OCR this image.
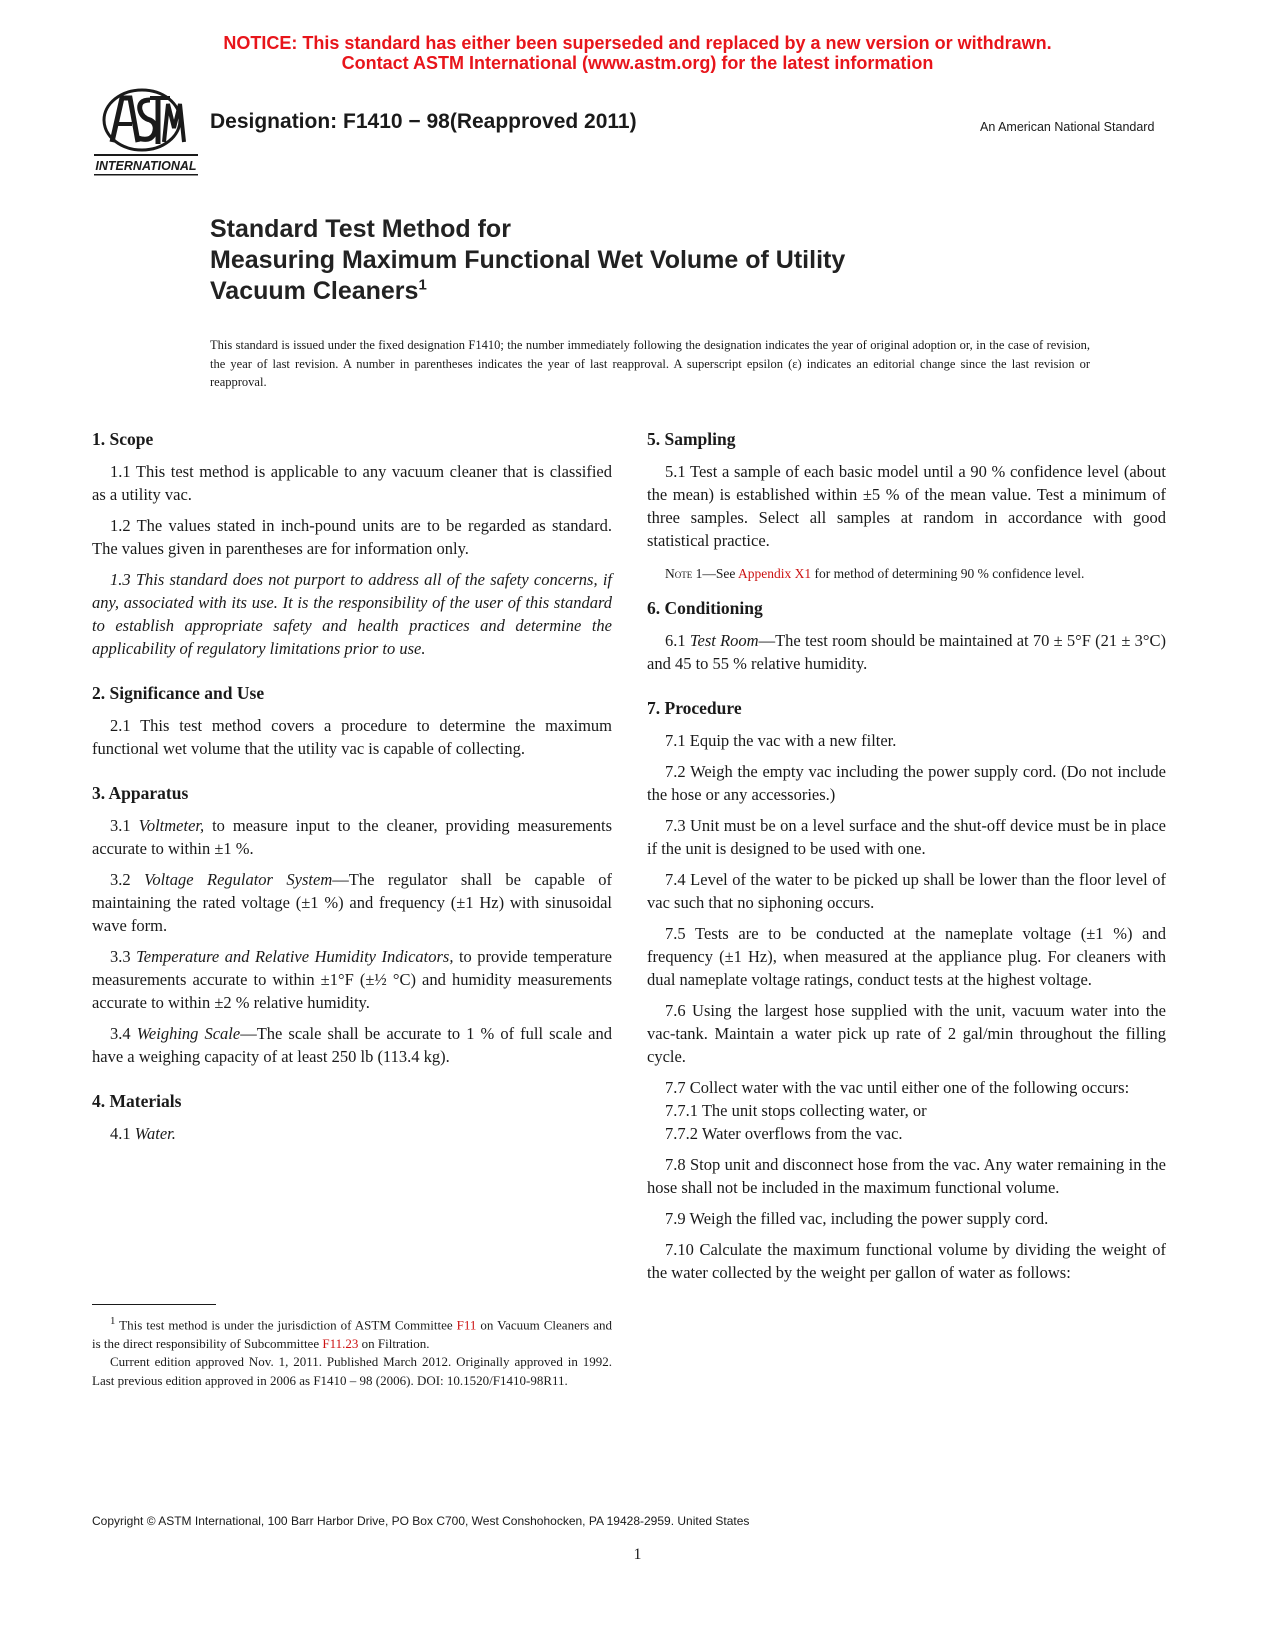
NOTICE: This standard has either been superseded and replaced by a new version or withdrawn.
Contact ASTM International (www.astm.org) for the latest information
INTERNATIONAL
Designation: F1410 − 98(Reapproved 2011)	An American National Standard
Standard Test Method for
Measuring Maximum Functional Wet Volume of Utility
Vacuum Cleaners$^1$
This standard is issued under the fixed designation F1410; the number immediately following the designation indicates the year of original adoption or, in the case of revision, the year of last revision. A number in parentheses indicates the year of last reapproval. A superscript epsilon (ε) indicates an editorial change since the last revision or reapproval.
1. Scope
1.1 This test method is applicable to any vacuum cleaner that is classified as a utility vac.
1.2 The values stated in inch-pound units are to be regarded as standard. The values given in parentheses are for information only.
1.3 This standard does not purport to address all of the safety concerns, if any, associated with its use. It is the responsibility of the user of this standard to establish appropriate safety and health practices and determine the applicability of regulatory limitations prior to use.
2. Significance and Use
2.1 This test method covers a procedure to determine the maximum functional wet volume that the utility vac is capable of collecting.
3. Apparatus
3.1 Voltmeter, to measure input to the cleaner, providing measurements accurate to within ±1 %.
3.2 Voltage Regulator System—The regulator shall be capable of maintaining the rated voltage (±1 %) and frequency (±1 Hz) with sinusoidal wave form.
3.3 Temperature and Relative Humidity Indicators, to provide temperature measurements accurate to within ±1°F (±½ °C) and humidity measurements accurate to within ±2 % relative humidity.
3.4 Weighing Scale—The scale shall be accurate to 1 % of full scale and have a weighing capacity of at least 250 lb (113.4 kg).
4. Materials
4.1 Water.
5. Sampling
5.1 Test a sample of each basic model until a 90 % confidence level (about the mean) is established within ±5 % of the mean value. Test a minimum of three samples. Select all samples at random in accordance with good statistical practice.
Note 1—See Appendix X1 for method of determining 90 % confidence level.
6. Conditioning
6.1 Test Room—The test room should be maintained at 70 ± 5°F (21 ± 3°C) and 45 to 55 % relative humidity.
7. Procedure
7.1 Equip the vac with a new filter.
7.2 Weigh the empty vac including the power supply cord. (Do not include the hose or any accessories.)
7.3 Unit must be on a level surface and the shut-off device must be in place if the unit is designed to be used with one.
7.4 Level of the water to be picked up shall be lower than the floor level of vac such that no siphoning occurs.
7.5 Tests are to be conducted at the nameplate voltage (±1 %) and frequency (±1 Hz), when measured at the appliance plug. For cleaners with dual nameplate voltage ratings, conduct tests at the highest voltage.
7.6 Using the largest hose supplied with the unit, vacuum water into the vac-tank. Maintain a water pick up rate of 2 gal/min throughout the filling cycle.
7.7 Collect water with the vac until either one of the following occurs:
7.7.1 The unit stops collecting water, or
7.7.2 Water overflows from the vac.
7.8 Stop unit and disconnect hose from the vac. Any water remaining in the hose shall not be included in the maximum functional volume.
7.9 Weigh the filled vac, including the power supply cord.
7.10 Calculate the maximum functional volume by dividing the weight of the water collected by the weight per gallon of water as follows:

$^1$ This test method is under the jurisdiction of ASTM Committee F11 on Vacuum Cleaners and is the direct responsibility of Subcommittee F11.23 on Filtration.

Current edition approved Nov. 1, 2011. Published March 2012. Originally approved in 1992. Last previous edition approved in 2006 as F1410 – 98 (2006). DOI: 10.1520/F1410-98R11.

Copyright © ASTM International, 100 Barr Harbor Drive, PO Box C700, West Conshohocken, PA 19428-2959. United States
1
